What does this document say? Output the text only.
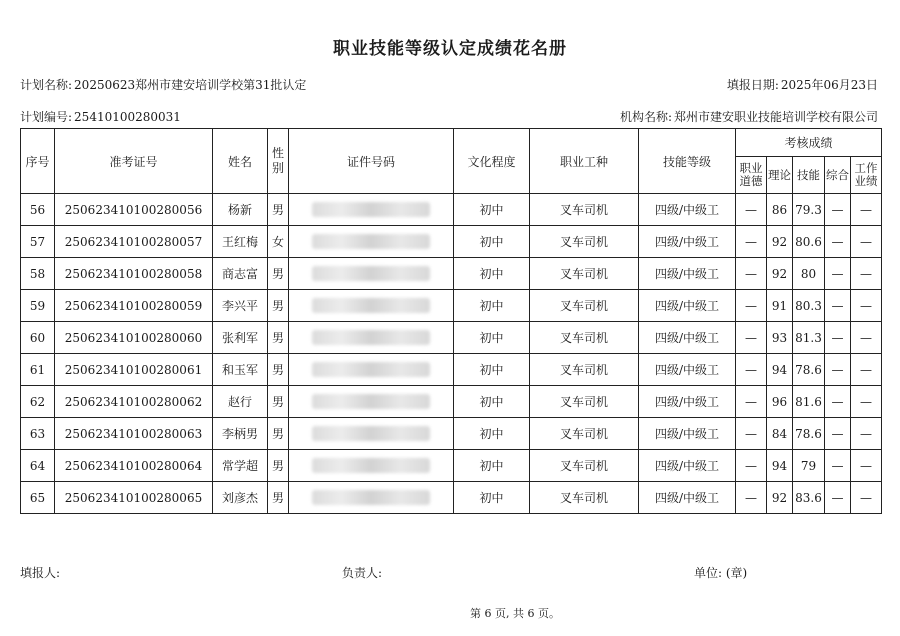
职业技能等级认定成绩花名册
计划名称: 20250623郑州市建安培训学校第31批认定	填报日期: 2025年06月23日
计划编号: 25410100280031	机构名称: 郑州市建安职业技能培训学校有限公司
序号	准考证号	姓名	性别	证件号码	文化程度	职业工种	技能等级	考核成绩				
								职业道德	理论	技能	综合	工作业绩
56	250623410100280056	杨新	男		初中	叉车司机	四级/中级工	—	86	79.3	—	—
57	250623410100280057	王红梅	女		初中	叉车司机	四级/中级工	—	92	80.6	—	—
58	250623410100280058	商志富	男		初中	叉车司机	四级/中级工	—	92	80	—	—
59	250623410100280059	李兴平	男		初中	叉车司机	四级/中级工	—	91	80.3	—	—
60	250623410100280060	张利军	男		初中	叉车司机	四级/中级工	—	93	81.3	—	—
61	250623410100280061	和玉军	男		初中	叉车司机	四级/中级工	—	94	78.6	—	—
62	250623410100280062	赵行	男		初中	叉车司机	四级/中级工	—	96	81.6	—	—
63	250623410100280063	李柄男	男		初中	叉车司机	四级/中级工	—	84	78.6	—	—
64	250623410100280064	常学超	男		初中	叉车司机	四级/中级工	—	94	79	—	—
65	250623410100280065	刘彦杰	男		初中	叉车司机	四级/中级工	—	92	83.6	—	—
填报人:	负责人:	单位: (章)
第 6 页, 共 6 页。
